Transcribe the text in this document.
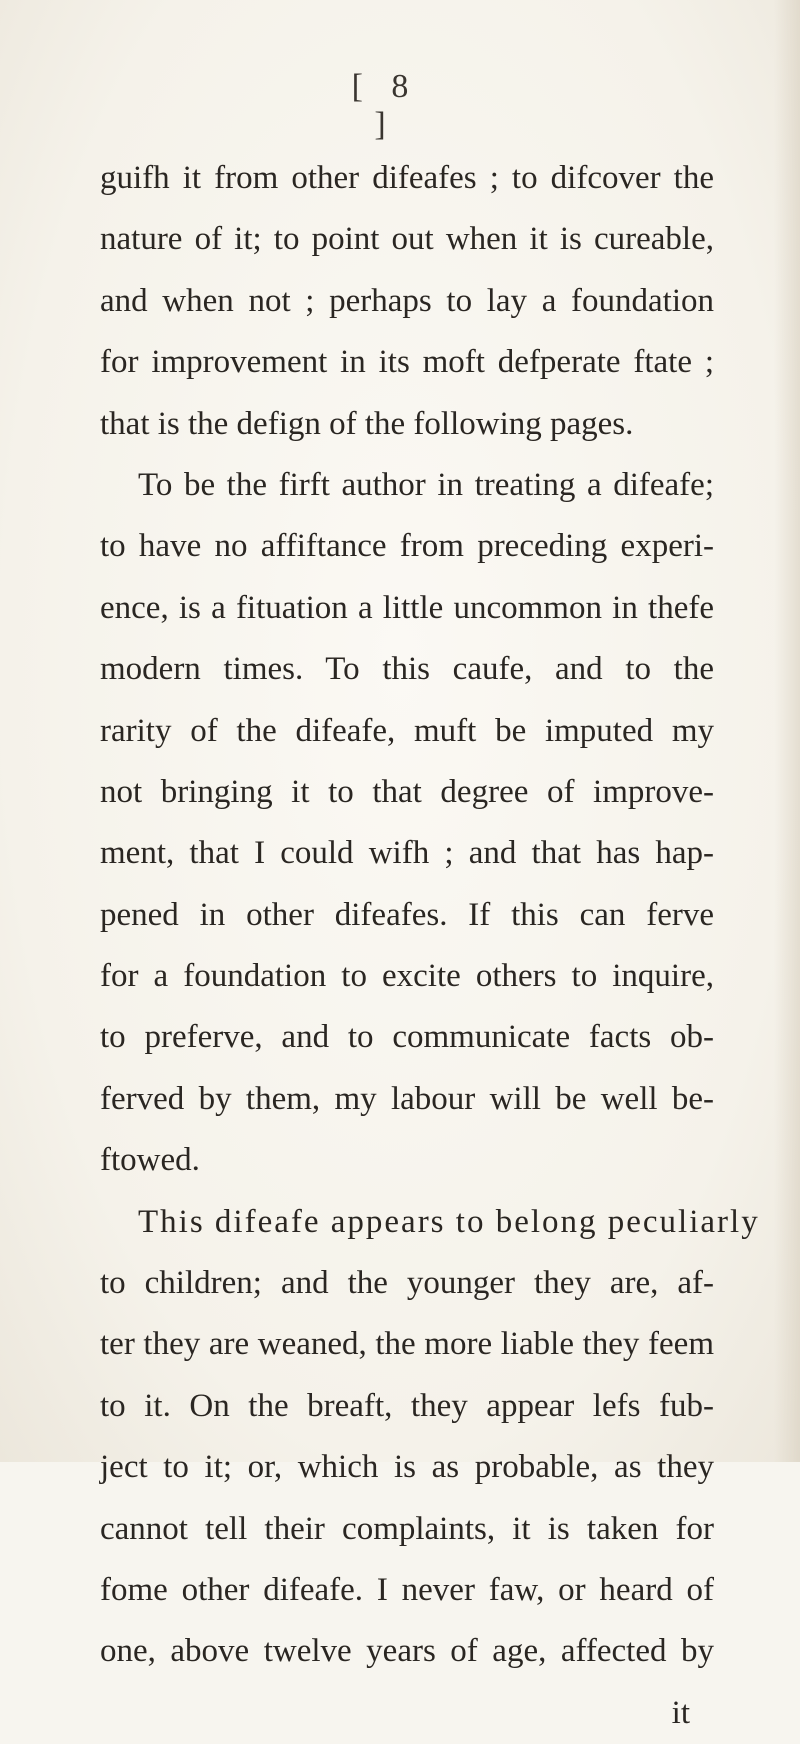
[ 8 ]
guifh it from other difeafes ; to difcover the
nature of it; to point out when it is cureable,
and when not ; perhaps to lay a foundation
for improvement in its moft defperate ftate ;
that is the defign of the following pages.
To be the firft author in treating a difeafe;
to have no affiftance from preceding experi-
ence, is a fituation a little uncommon in thefe
modern times. To this caufe, and to the
rarity of the difeafe, muft be imputed my
not bringing it to that degree of improve-
ment, that I could wifh ; and that has hap-
pened in other difeafes. If this can ferve
for a foundation to excite others to inquire,
to preferve, and to communicate facts ob-
ferved by them, my labour will be well be-
ftowed.
This difeafe appears to belong peculiarly
to children; and the younger they are, af-
ter they are weaned, the more liable they feem
to it. On the breaft, they appear lefs fub-
ject to it; or, which is as probable, as they
cannot tell their complaints, it is taken for
fome other difeafe. I never faw, or heard of
one, above twelve years of age, affected by
it
